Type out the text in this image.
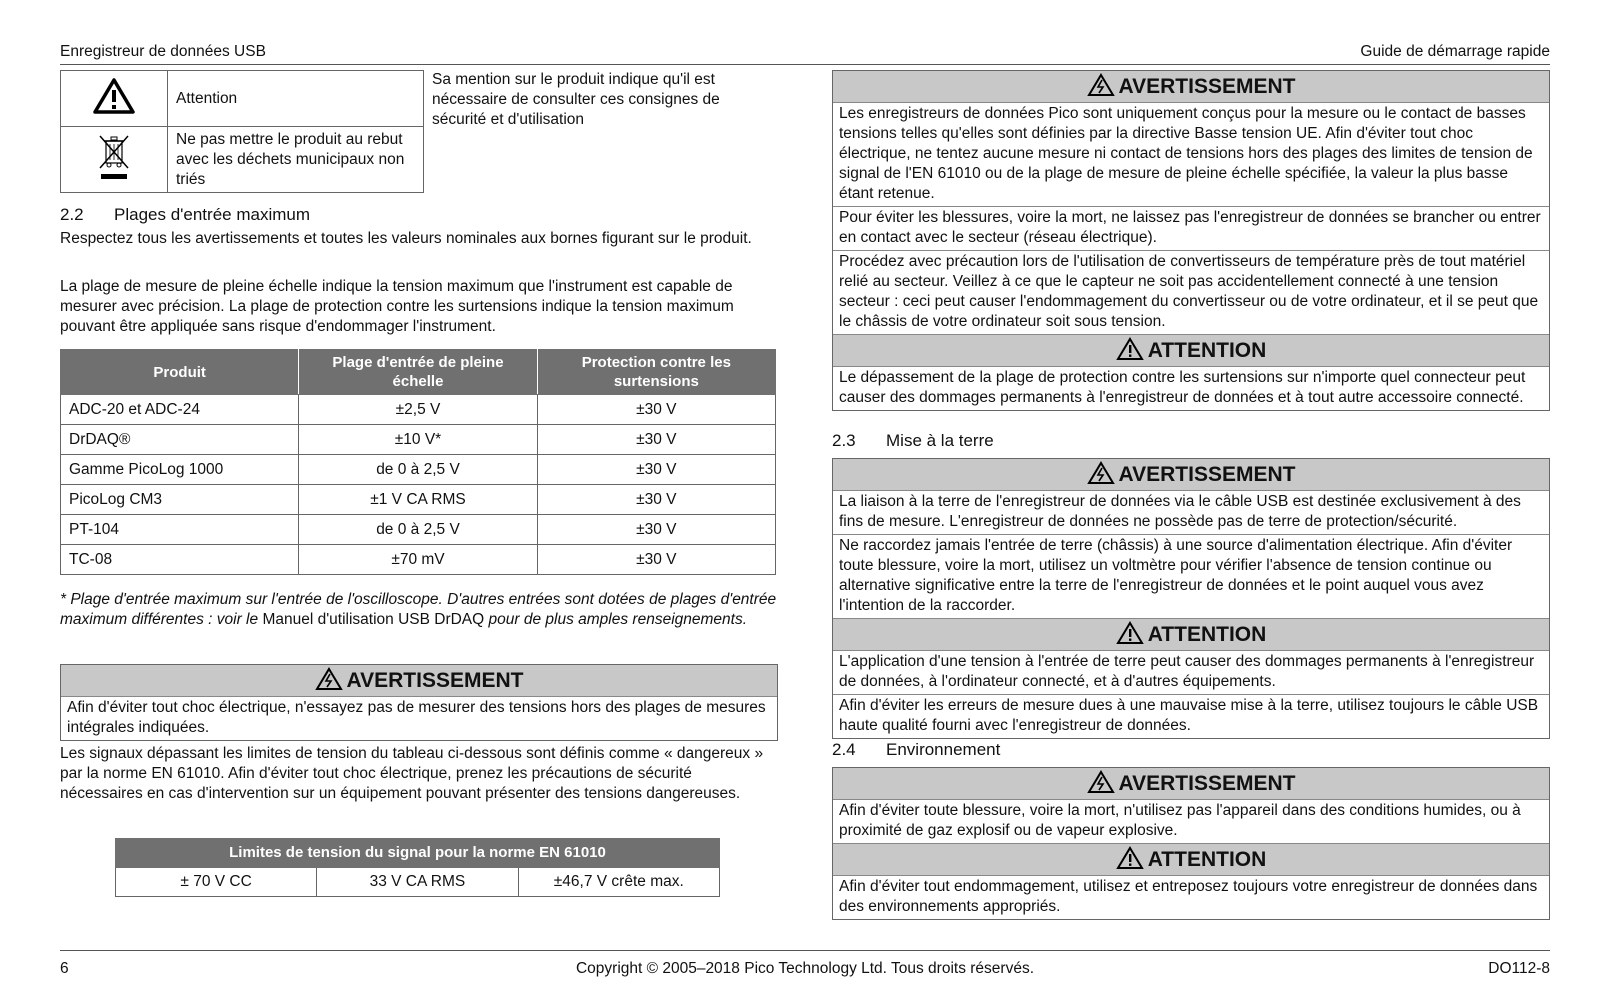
Enregistreur de données USB	Guide de démarrage rapide
	Attention
	Ne pas mettre le produit au rebut avec les déchets municipaux non triés
Sa mention sur le produit indique qu'il est nécessaire de consulter ces consignes de sécurité et d'utilisation
2.2 Plages d'entrée maximum

Respectez tous les avertissements et toutes les valeurs nominales aux bornes figurant sur le produit.

La plage de mesure de pleine échelle indique la tension maximum que l'instrument est capable de mesurer avec précision. La plage de protection contre les surtensions indique la tension maximum pouvant être appliquée sans risque d'endommager l'instrument.

Produit	Plage d'entrée de pleine échelle	Protection contre les surtensions
ADC-20 et ADC-24	±2,5 V	±30 V
DrDAQ®	±10 V*	±30 V
Gamme PicoLog 1000	de 0 à 2,5 V	±30 V
PicoLog CM3	±1 V CA RMS	±30 V
PT-104	de 0 à 2,5 V	±30 V
TC-08	±70 mV	±30 V

* Plage d'entrée maximum sur l'entrée de l'oscilloscope. D'autres entrées sont dotées de plages d'entrée maximum différentes : voir le Manuel d'utilisation USB DrDAQ pour de plus amples renseignements.

AVERTISSEMENT
Afin d'éviter tout choc électrique, n'essayez pas de mesurer des tensions hors des plages de mesures intégrales indiquées.

Les signaux dépassant les limites de tension du tableau ci-dessous sont définis comme « dangereux » par la norme EN 61010. Afin d'éviter tout choc électrique, prenez les précautions de sécurité nécessaires en cas d'intervention sur un équipement pouvant présenter des tensions dangereuses.

Limites de tension du signal pour la norme EN 61010
± 70 V CC	33 V CA RMS	±46,7 V crête max.
AVERTISSEMENT
Les enregistreurs de données Pico sont uniquement conçus pour la mesure ou le contact de basses tensions telles qu'elles sont définies par la directive Basse tension UE. Afin d'éviter tout choc électrique, ne tentez aucune mesure ni contact de tensions hors des plages des limites de tension de signal de l'EN 61010 ou de la plage de mesure de pleine échelle spécifiée, la valeur la plus basse étant retenue.
Pour éviter les blessures, voire la mort, ne laissez pas l'enregistreur de données se brancher ou entrer en contact avec le secteur (réseau électrique).
Procédez avec précaution lors de l'utilisation de convertisseurs de température près de tout matériel relié au secteur. Veillez à ce que le capteur ne soit pas accidentellement connecté à une tension secteur : ceci peut causer l'endommagement du convertisseur ou de votre ordinateur, et il se peut que le châssis de votre ordinateur soit sous tension.
ATTENTION
Le dépassement de la plage de protection contre les surtensions sur n'importe quel connecteur peut causer des dommages permanents à l'enregistreur de données et à tout autre accessoire connecté.
2.3 Mise à la terre
AVERTISSEMENT
La liaison à la terre de l'enregistreur de données via le câble USB est destinée exclusivement à des fins de mesure. L'enregistreur de données ne possède pas de terre de protection/sécurité.
Ne raccordez jamais l'entrée de terre (châssis) à une source d'alimentation électrique. Afin d'éviter toute blessure, voire la mort, utilisez un voltmètre pour vérifier l'absence de tension continue ou alternative significative entre la terre de l'enregistreur de données et le point auquel vous avez l'intention de la raccorder.
ATTENTION
L'application d'une tension à l'entrée de terre peut causer des dommages permanents à l'enregistreur de données, à l'ordinateur connecté, et à d'autres équipements.
Afin d'éviter les erreurs de mesure dues à une mauvaise mise à la terre, utilisez toujours le câble USB haute qualité fourni avec l'enregistreur de données.
2.4 Environnement
AVERTISSEMENT
Afin d'éviter toute blessure, voire la mort, n'utilisez pas l'appareil dans des conditions humides, ou à proximité de gaz explosif ou de vapeur explosive.
ATTENTION
Afin d'éviter tout endommagement, utilisez et entreposez toujours votre enregistreur de données dans des environnements appropriés.
6	Copyright © 2005–2018 Pico Technology Ltd. Tous droits réservés.	DO112-8
